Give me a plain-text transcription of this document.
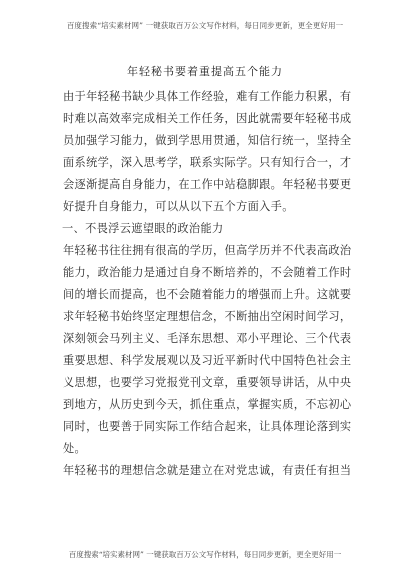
百度搜索“培实素材网” 一键获取百万公文写作材料，每日同步更新，更全更好用一
年轻秘书要着重提高五个能力
由于年轻秘书缺少具体工作经验，难有工作能力积累，有
时难以高效率完成相关工作任务，因此就需要年轻秘书成
员加强学习能力，做到学思用贯通，知信行统一，坚持全
面系统学，深入思考学，联系实际学。只有知行合一，才
会逐渐提高自身能力，在工作中站稳脚跟。年轻秘书要更
好提升自身能力，可以从以下五个方面入手。
一、不畏浮云遮望眼的政治能力
年轻秘书往往拥有很高的学历，但高学历并不代表高政治
能力，政治能力是通过自身不断培养的，不会随着工作时
间的增长而提高，也不会随着能力的增强而上升。这就要
求年轻秘书始终坚定理想信念，不断抽出空闲时间学习，
深刻领会马列主义、毛泽东思想、邓小平理论、三个代表
重要思想、科学发展观以及习近平新时代中国特色社会主
义思想，也要学习党报党刊文章，重要领导讲话，从中央
到地方，从历史到今天，抓住重点，掌握实质，不忘初心
同时，也要善于同实际工作结合起来，让具体理论落到实
处。
年轻秘书的理想信念就是建立在对党忠诚，有责任有担当
百度搜索“培实素材网” 一键获取百万公文写作材料，每日同步更新，更全更好用一
